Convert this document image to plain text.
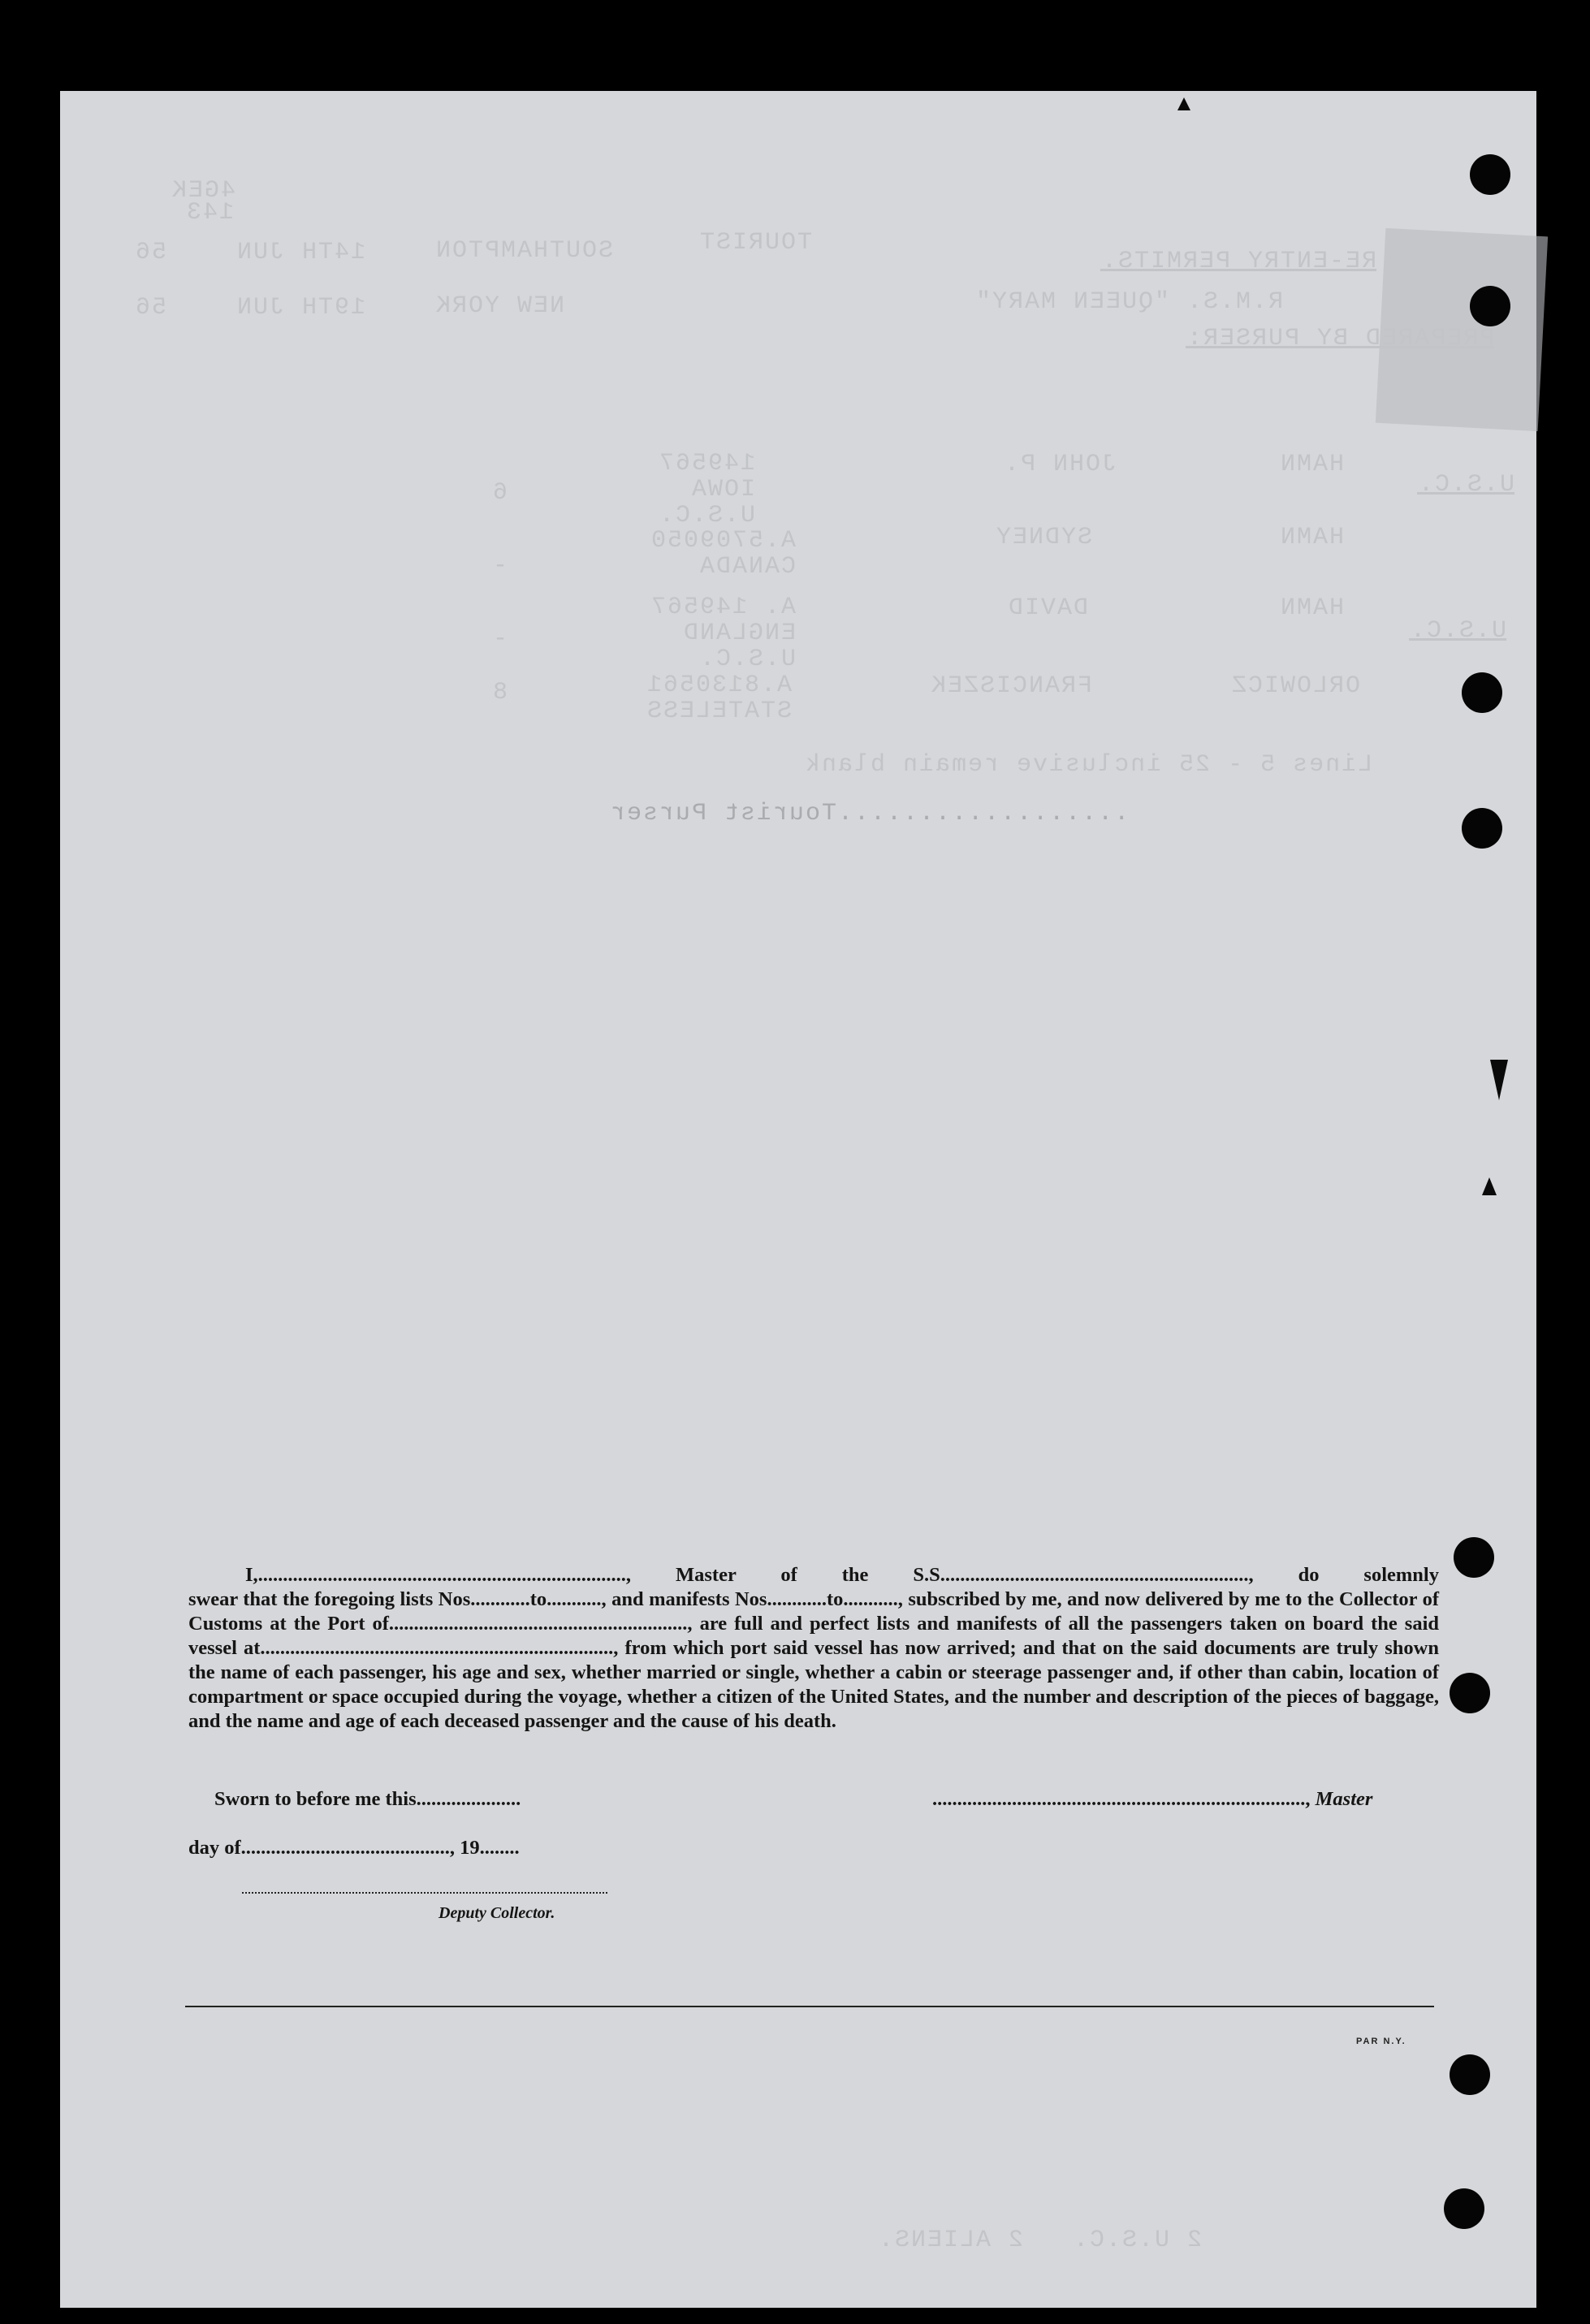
4GEK
143
TOURIST
SOUTHAMPTON
14TH JUN
56
NEW YORK
19TH JUN
56
RE-ENTRY PERMITS.
R.M.S. "QUEEN MARY"
PREPARED BY PURSER:
U.S.C.
HAMN
JOHN P.
149567
IOWA
U.S.C.
6
HAMN
SYDNEY
A.5709050
CANADA
-
U.S.C.
HAMN
DAVID
A. 149567
ENGLAND
U.S.C.
-
ORLOWICZ
FRANCISZEK
A.8130561
STATELESS
8
Lines 5 - 25 inclusive remain blank
..................Tourist Purser

I,.........................................................................., Master of the S.S.............................................................., do solemnly

swear that the foregoing lists Nos............to..........., and manifests Nos............to..........., subscribed by me, and now delivered by me to the Collector of Customs at the Port of............................................................, are full and perfect lists and manifests of all the passengers taken on board the said vessel at......................................................................., from which port said vessel has now arrived; and that on the said documents are truly shown the name of each passenger, his age and sex, whether married or single, whether a cabin or steerage passenger and, if other than cabin, location of compartment or space occupied during the voyage, whether a citizen of the United States, and the number and description of the pieces of baggage, and the name and age of each deceased passenger and the cause of his death.

Sworn to before me this.....................	..........................................................................., Master
day of.........................................., 19........
Deputy Collector.
PAR N.Y.
2 U.S.C.   2 ALIENS.
